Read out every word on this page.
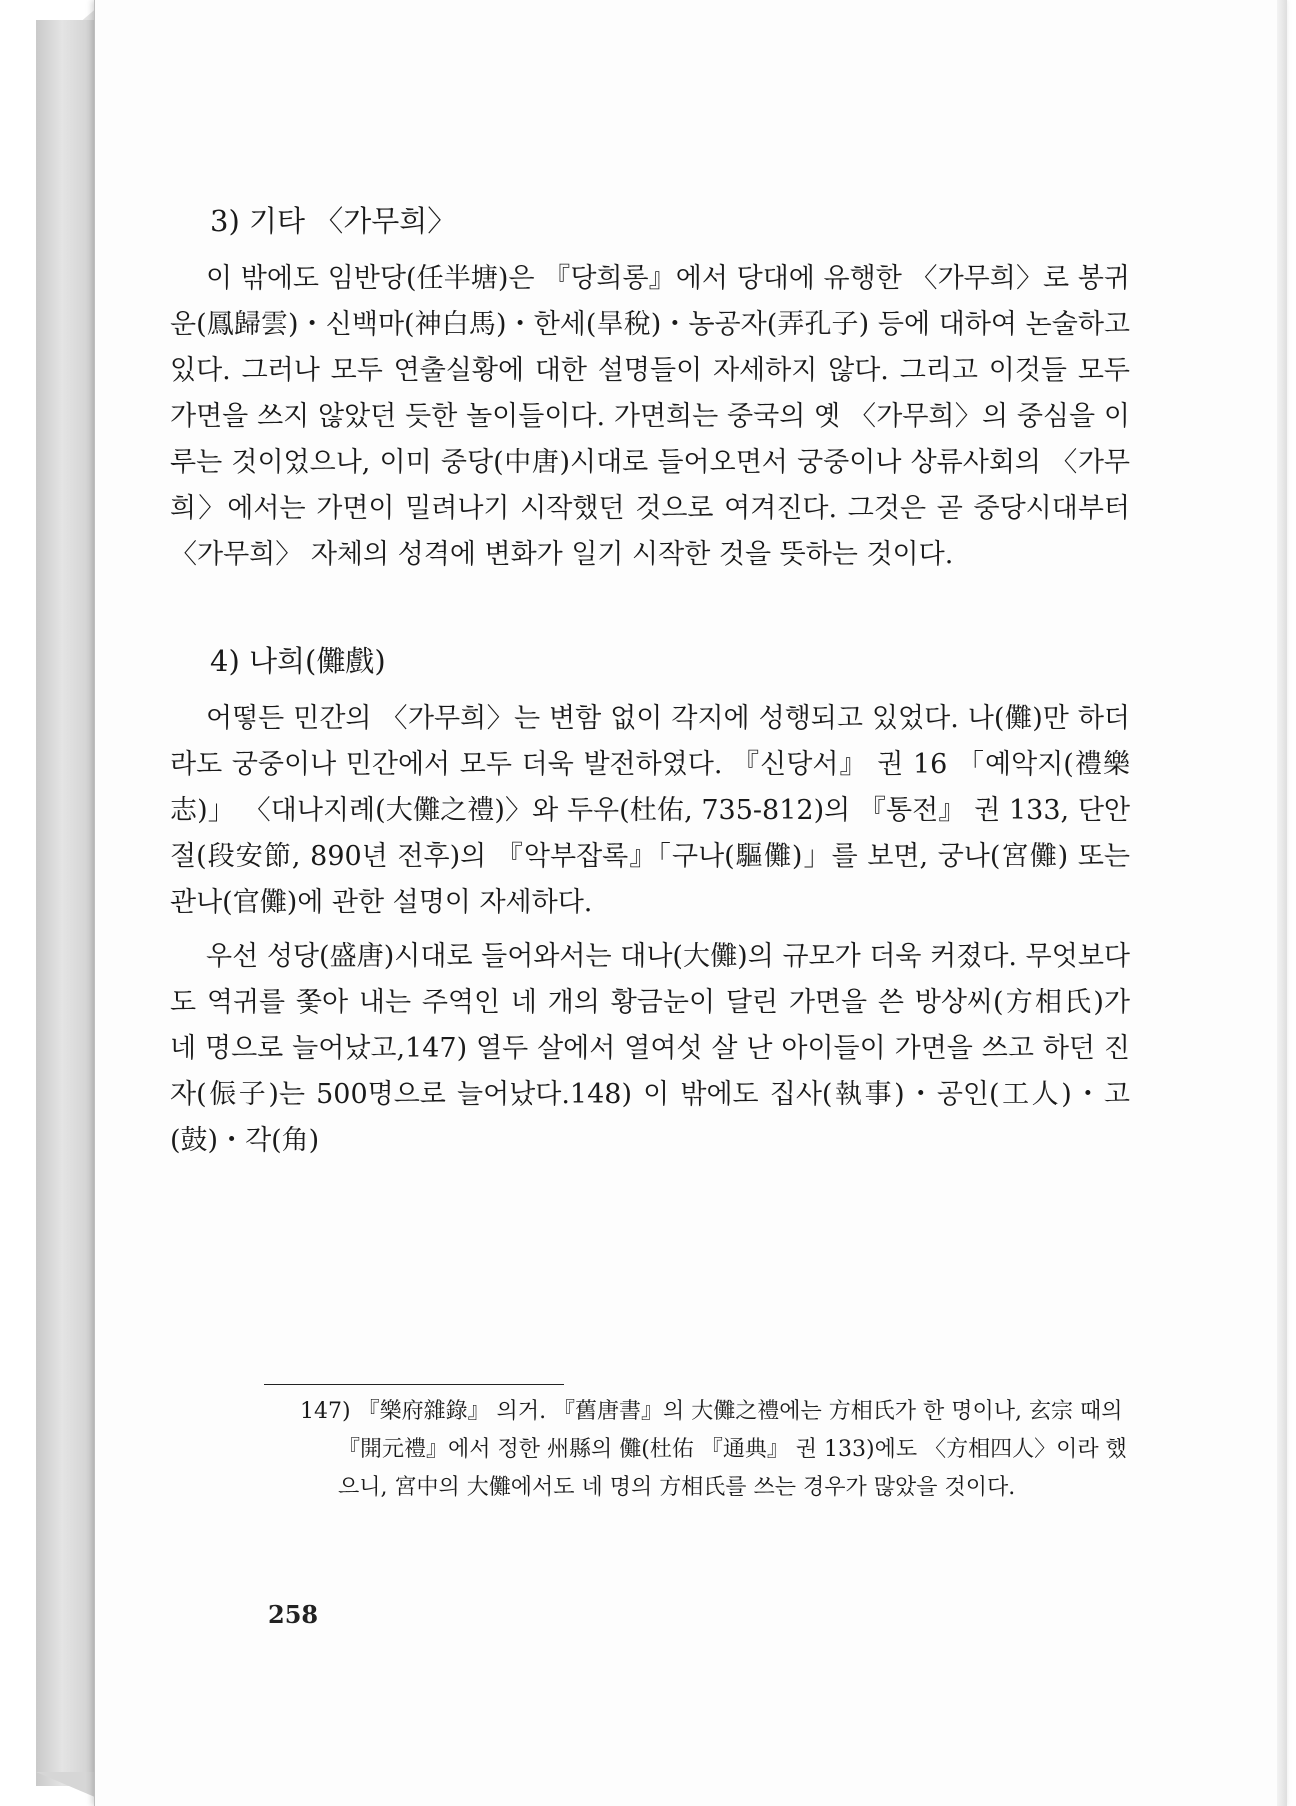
3) 기타 〈가무희〉

이 밖에도 임반당(任半塘)은 『당희롱』에서 당대에 유행한 〈가무희〉로 봉귀운(鳳歸雲)・신백마(神白馬)・한세(旱稅)・농공자(弄孔子) 등에 대하여 논술하고 있다. 그러나 모두 연출실황에 대한 설명들이 자세하지 않다. 그리고 이것들 모두 가면을 쓰지 않았던 듯한 놀이들이다. 가면희는 중국의 옛 〈가무희〉의 중심을 이루는 것이었으나, 이미 중당(中唐)시대로 들어오면서 궁중이나 상류사회의 〈가무희〉에서는 가면이 밀려나기 시작했던 것으로 여겨진다. 그것은 곧 중당시대부터 〈가무희〉 자체의 성격에 변화가 일기 시작한 것을 뜻하는 것이다.

4) 나희(儺戲)

어떻든 민간의 〈가무희〉는 변함 없이 각지에 성행되고 있었다. 나(儺)만 하더라도 궁중이나 민간에서 모두 더욱 발전하였다. 『신당서』 권 16 「예악지(禮樂志)」 〈대나지례(大儺之禮)〉와 두우(杜佑, 735-812)의 『통전』 권 133, 단안절(段安節, 890년 전후)의 『악부잡록』「구나(驅儺)」를 보면, 궁나(宮儺) 또는 관나(官儺)에 관한 설명이 자세하다.

우선 성당(盛唐)시대로 들어와서는 대나(大儺)의 규모가 더욱 커졌다. 무엇보다도 역귀를 쫓아 내는 주역인 네 개의 황금눈이 달린 가면을 쓴 방상씨(方相氏)가 네 명으로 늘어났고,147) 열두 살에서 열여섯 살 난 아이들이 가면을 쓰고 하던 진자(侲子)는 500명으로 늘어났다.148) 이 밖에도 집사(執事)・공인(工人)・고(鼓)・각(角)

147) 『樂府雜錄』 의거. 『舊唐書』의 大儺之禮에는 方相氏가 한 명이나, 玄宗 때의 『開元禮』에서 정한 州縣의 儺(杜佑 『通典』 권 133)에도 〈方相四人〉이라 했으니, 宮中의 大儺에서도 네 명의 方相氏를 쓰는 경우가 많았을 것이다.
258
